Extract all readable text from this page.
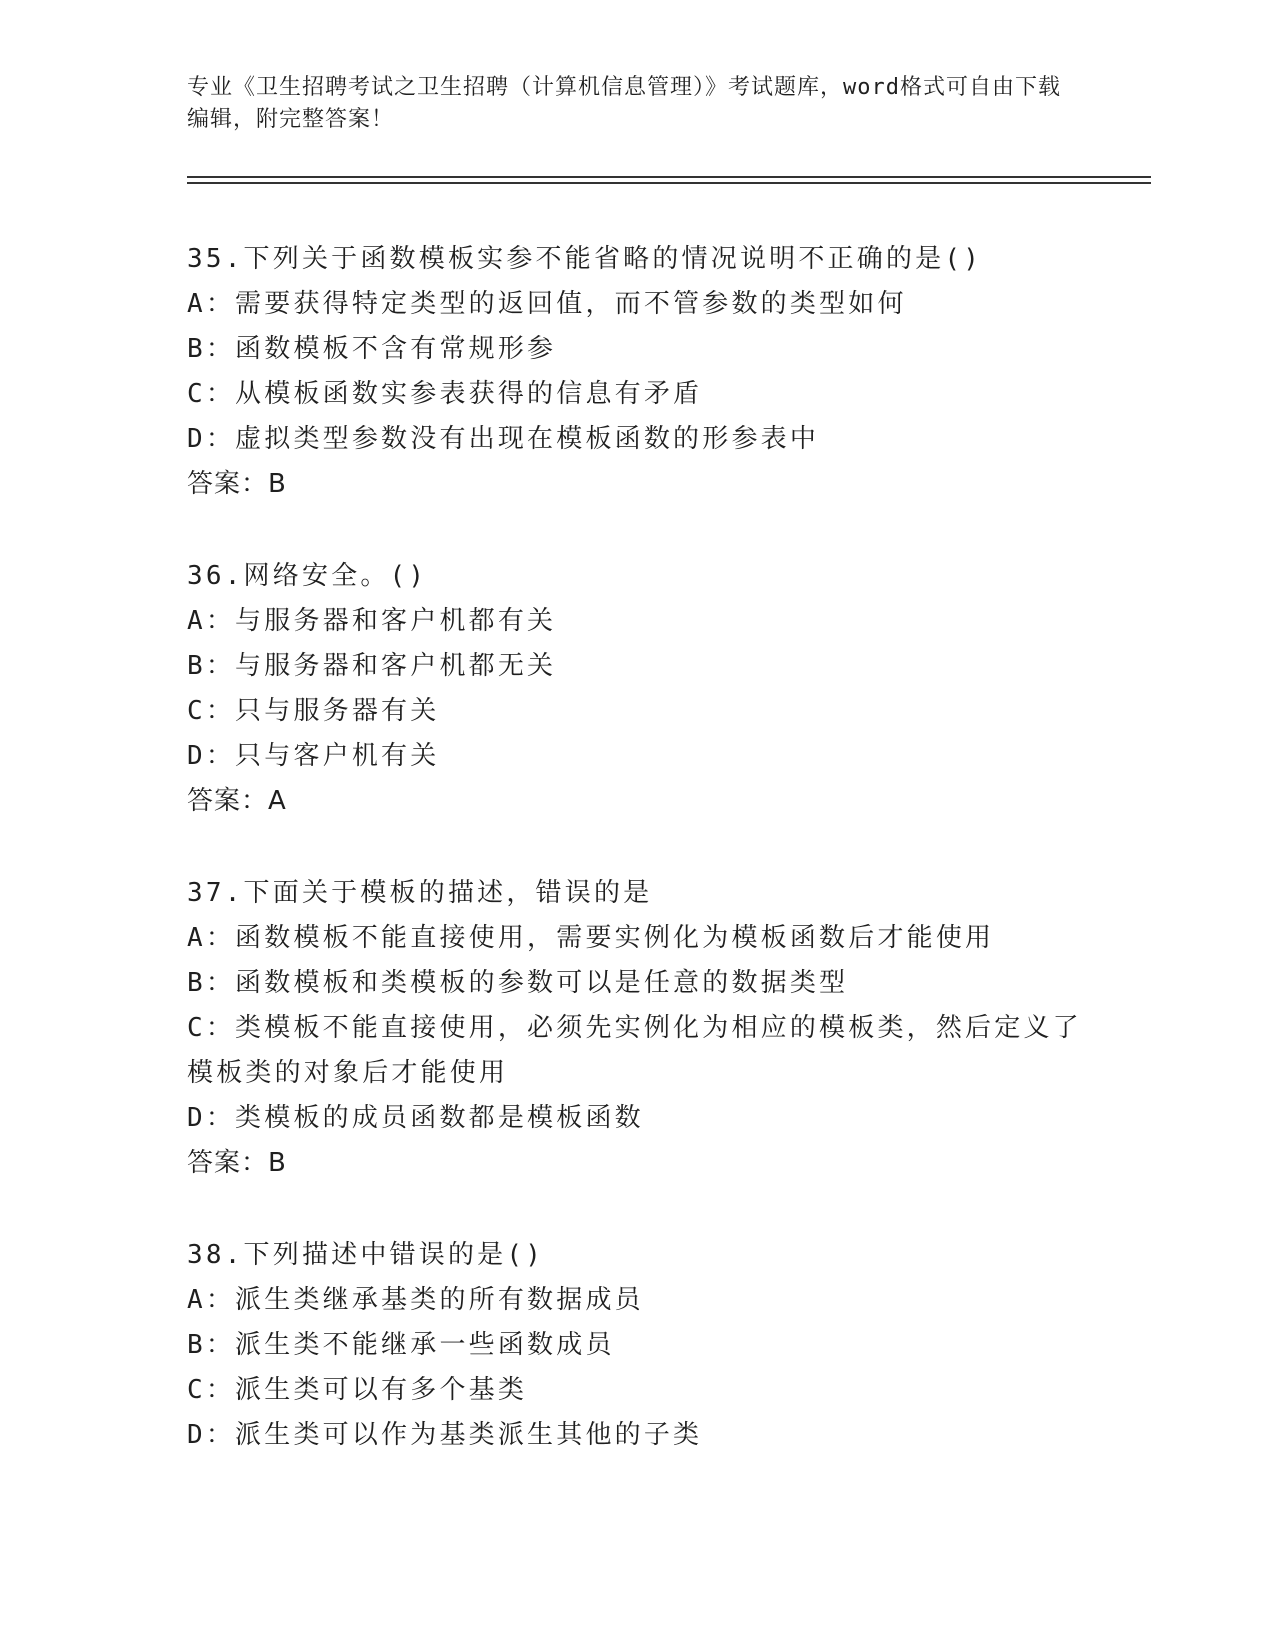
专业《卫生招聘考试之卫生招聘（计算机信息管理）》考试题库，word格式可自由下载编辑，附完整答案！
35.下列关于函数模板实参不能省略的情况说明不正确的是()
A：需要获得特定类型的返回值，而不管参数的类型如何
B：函数模板不含有常规形参
C：从模板函数实参表获得的信息有矛盾
D：虚拟类型参数没有出现在模板函数的形参表中
答案：B
36.网络安全。()
A：与服务器和客户机都有关
B：与服务器和客户机都无关
C：只与服务器有关
D：只与客户机有关
答案：A
37.下面关于模板的描述，错误的是
A：函数模板不能直接使用，需要实例化为模板函数后才能使用
B：函数模板和类模板的参数可以是任意的数据类型
C：类模板不能直接使用，必须先实例化为相应的模板类，然后定义了模板类的对象后才能使用
D：类模板的成员函数都是模板函数
答案：B
38.下列描述中错误的是()
A：派生类继承基类的所有数据成员
B：派生类不能继承一些函数成员
C：派生类可以有多个基类
D：派生类可以作为基类派生其他的子类
